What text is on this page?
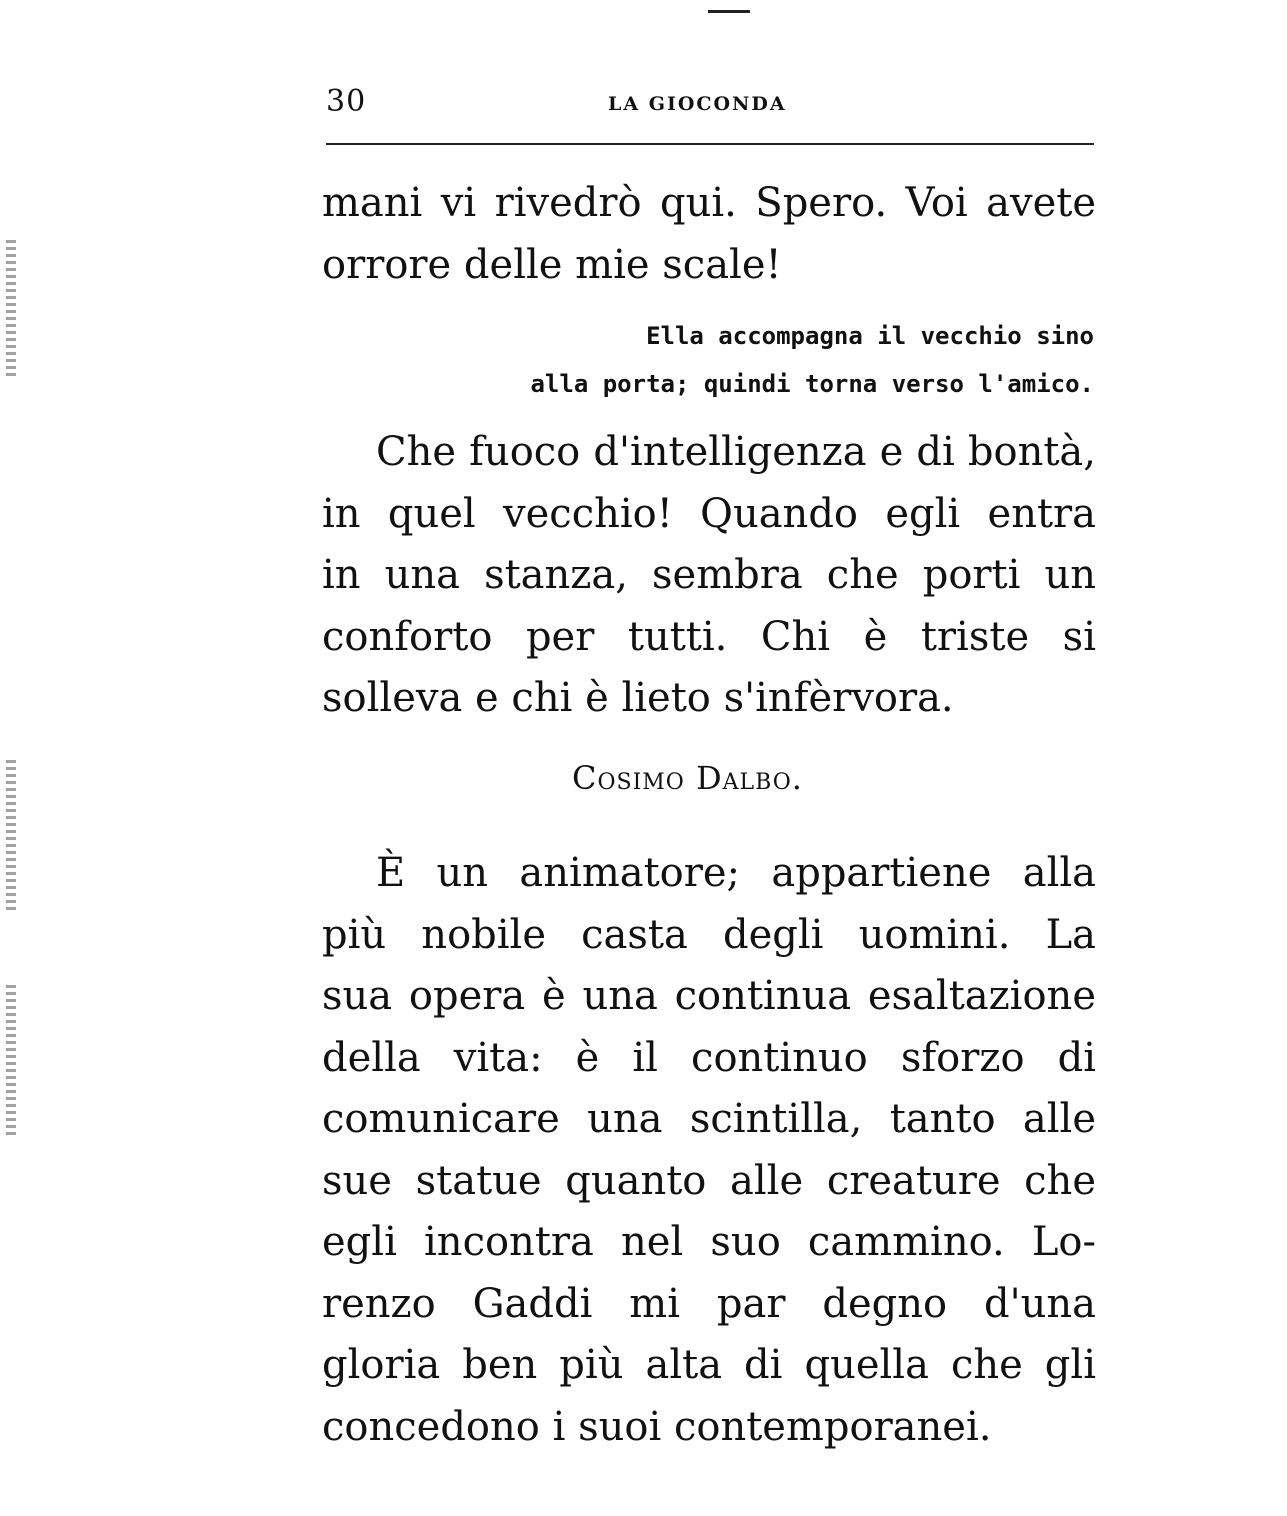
30	LA GIOCONDA

mani vi rivedrò qui. Spero. Voi avete
orrore delle mie scale!

Ella accompagna il vecchio sino
alla porta; quindi torna verso l'amico.

Che fuoco d'intelligenza e di bontà,
in quel vecchio! Quando egli entra
in una stanza, sembra che porti un
conforto per tutti. Chi è triste si
solleva e chi è lieto s'infèrvora.

Cosimo Dalbo.

È un animatore; appartiene alla
più nobile casta degli uomini. La
sua opera è una continua esaltazione
della vita: è il continuo sforzo di
comunicare una scintilla, tanto alle
sue statue quanto alle creature che
egli incontra nel suo cammino. Lo-
renzo Gaddi mi par degno d'una
gloria ben più alta di quella che gli
concedono i suoi contemporanei.
